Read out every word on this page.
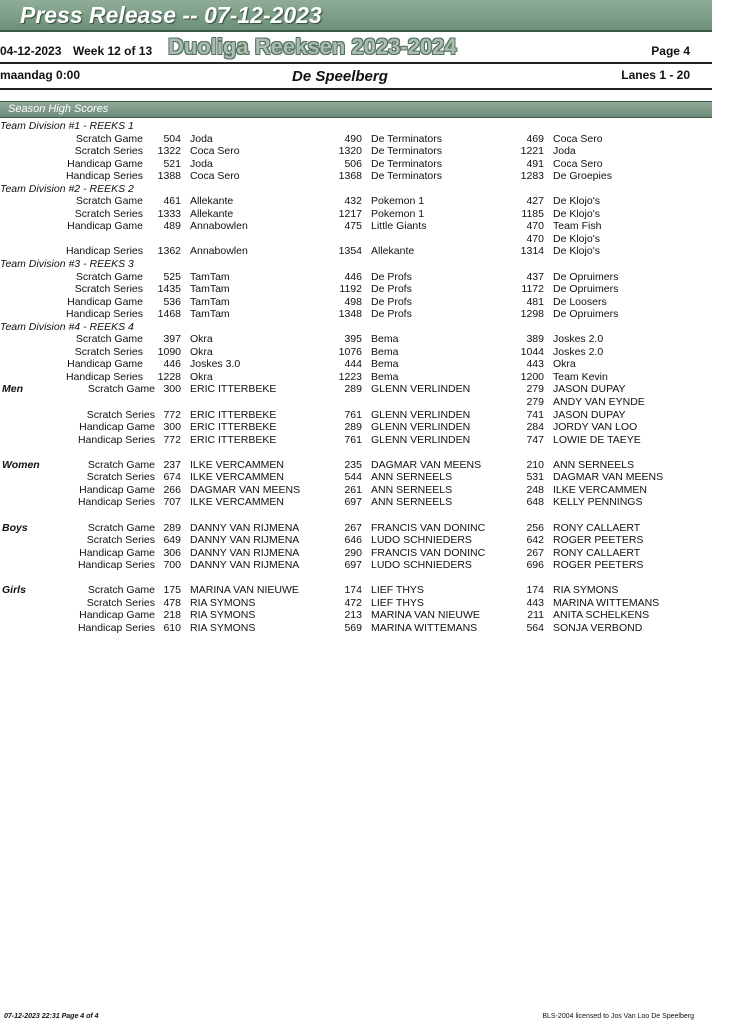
Press Release -- 07-12-2023
04-12-2023 Week 12 of 13 Duoliga Reeksen 2023-2024	Page 4
maandag 0:00	De Speelberg	Lanes 1 - 20
Season High Scores
Team Division #1 - REEKS 1
Scratch Game	504 Joda	490 De Terminators	469 Coca Sero
Scratch Series	1322 Coca Sero	1320 De Terminators	1221 Joda
Handicap Game	521 Joda	506 De Terminators	491 Coca Sero
Handicap Series	1388 Coca Sero	1368 De Terminators	1283 De Groepies
Team Division #2 - REEKS 2
Scratch Game	461 Allekante	432 Pokemon 1	427 De Klojo's
Scratch Series	1333 Allekante	1217 Pokemon 1	1185 De Klojo's
Handicap Game	489 Annabowlen	475 Little Giants	470 Team Fish
470 De Klojo's
Handicap Series	1362 Annabowlen	1354 Allekante	1314 De Klojo's
Team Division #3 - REEKS 3
Scratch Game	525 TamTam	446 De Profs	437 De Opruimers
Scratch Series	1435 TamTam	1192 De Profs	1172 De Opruimers
Handicap Game	536 TamTam	498 De Profs	481 De Loosers
Handicap Series	1468 TamTam	1348 De Profs	1298 De Opruimers
Team Division #4 - REEKS 4
Scratch Game	397 Okra	395 Bema	389 Joskes 2.0
Scratch Series	1090 Okra	1076 Bema	1044 Joskes 2.0
Handicap Game	446 Joskes 3.0	444 Bema	443 Okra
Handicap Series	1228 Okra	1223 Bema	1200 Team Kevin
Men	Scratch Game 300 ERIC ITTERBEKE	289 GLENN VERLINDEN	279 JASON DUPAY
279 ANDY VAN EYNDE
Scratch Series 772 ERIC ITTERBEKE	761 GLENN VERLINDEN	741 JASON DUPAY
Handicap Game 300 ERIC ITTERBEKE	289 GLENN VERLINDEN	284 JORDY VAN LOO
Handicap Series 772 ERIC ITTERBEKE	761 GLENN VERLINDEN	747 LOWIE DE TAEYE
Women	Scratch Game 237 ILKE VERCAMMEN	235 DAGMAR VAN MEENS	210 ANN SERNEELS
Scratch Series 674 ILKE VERCAMMEN	544 ANN SERNEELS	531 DAGMAR VAN MEENS
Handicap Game 266 DAGMAR VAN MEENS	261 ANN SERNEELS	248 ILKE VERCAMMEN
Handicap Series 707 ILKE VERCAMMEN	697 ANN SERNEELS	648 KELLY PENNINGS
Boys	Scratch Game 289 DANNY VAN RIJMENA	267 FRANCIS VAN DONINC	256 RONY CALLAERT
Scratch Series 649 DANNY VAN RIJMENA	646 LUDO SCHNIEDERS	642 ROGER PEETERS
Handicap Game 306 DANNY VAN RIJMENA	290 FRANCIS VAN DONINC	267 RONY CALLAERT
Handicap Series 700 DANNY VAN RIJMENA	697 LUDO SCHNIEDERS	696 ROGER PEETERS
Girls	Scratch Game 175 MARINA VAN NIEUWE	174 LIEF THYS	174 RIA SYMONS
Scratch Series 478 RIA SYMONS	472 LIEF THYS	443 MARINA WITTEMANS
Handicap Game 218 RIA SYMONS	213 MARINA VAN NIEUWE	211 ANITA SCHELKENS
Handicap Series 610 RIA SYMONS	569 MARINA WITTEMANS	564 SONJA VERBOND
07-12-2023 22:31 Page 4 of 4	BLS-2004 licensed to Jos Van Loo De Speelberg
